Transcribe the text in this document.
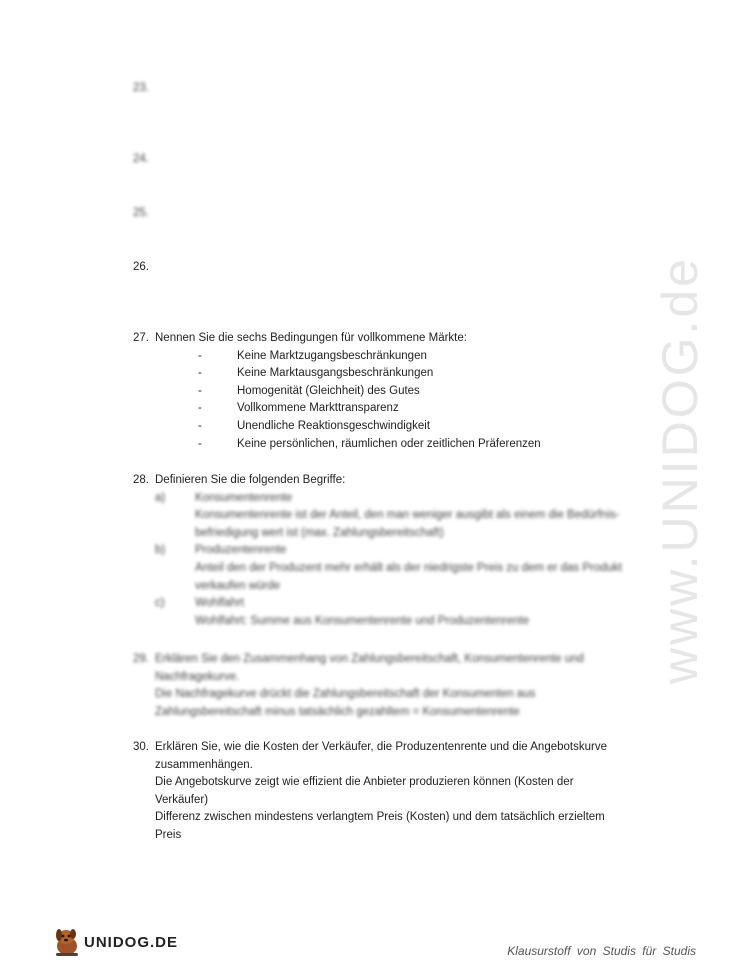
www.UNIDOG.de
23.
24.
25.
26.
27. Nennen Sie die sechs Bedingungen für vollkommene Märkte:
-	Keine Marktzugangsbeschränkungen
-	Keine Marktausgangsbeschränkungen
-	Homogenität (Gleichheit) des Gutes
-	Vollkommene Markttransparenz
-	Unendliche Reaktionsgeschwindigkeit
-	Keine persönlichen, räumlichen oder zeitlichen Präferenzen
28. Definieren Sie die folgenden Begriffe:
a)	Konsumentenrente
Konsumentenrente ist der Anteil, den man weniger ausgibt als einem die Bedürfnis-
befriedigung wert ist (max. Zahlungsbereitschaft)
b)	Produzentenrente
Anteil den der Produzent mehr erhält als der niedrigste Preis zu dem er das Produkt
verkaufen würde
c)	Wohlfahrt
Wohlfahrt: Summe aus Konsumentenrente und Produzentenrente
29. Erklären Sie den Zusammenhang von Zahlungsbereitschaft, Konsumentenrente und
Nachfragekurve.
Die Nachfragekurve drückt die Zahlungsbereitschaft der Konsumenten aus
Zahlungsbereitschaft minus tatsächlich gezahltem = Konsumentenrente
30. Erklären Sie, wie die Kosten der Verkäufer, die Produzentenrente und die Angebotskurve
zusammenhängen.
Die Angebotskurve zeigt wie effizient die Anbieter produzieren können (Kosten der
Verkäufer)
Differenz zwischen mindestens verlangtem Preis (Kosten) und dem tatsächlich erzieltem
Preis
UNIDOG.DE
Klausurstoff von Studis für Studis
